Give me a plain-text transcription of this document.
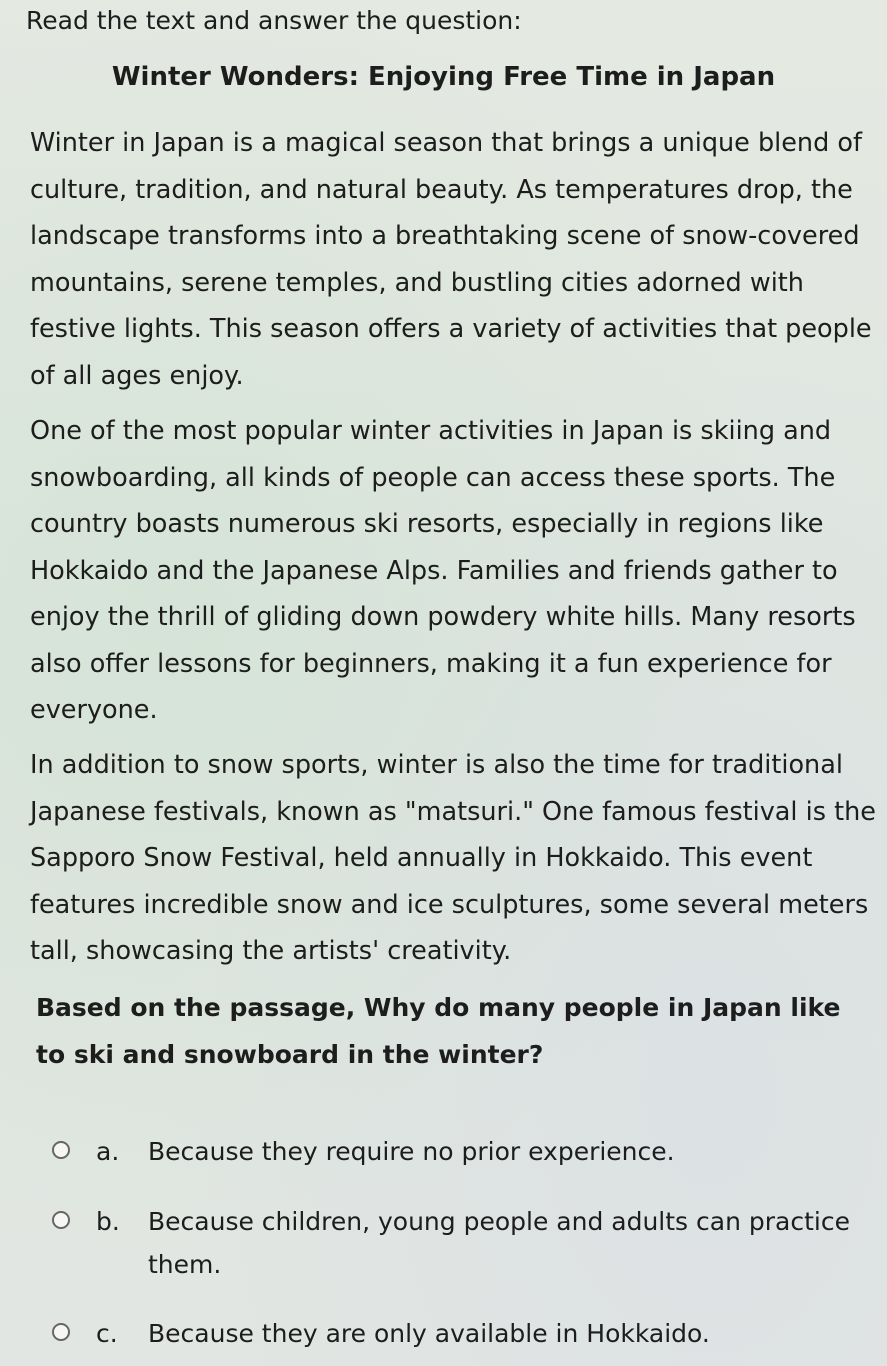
Read the text and answer the question:
Winter Wonders: Enjoying Free Time in Japan

Winter in Japan is a magical season that brings a unique blend of culture, tradition, and natural beauty. As temperatures drop, the landscape transforms into a breathtaking scene of snow-covered mountains, serene temples, and bustling cities adorned with festive lights. This season offers a variety of activities that people of all ages enjoy.

One of the most popular winter activities in Japan is skiing and snowboarding, all kinds of people can access these sports. The country boasts numerous ski resorts, especially in regions like Hokkaido and the Japanese Alps. Families and friends gather to enjoy the thrill of gliding down powdery white hills. Many resorts also offer lessons for beginners, making it a fun experience for everyone.

In addition to snow sports, winter is also the time for traditional Japanese festivals, known as "matsuri." One famous festival is the Sapporo Snow Festival, held annually in Hokkaido. This event features incredible snow and ice sculptures, some several meters tall, showcasing the artists' creativity.

Based on the passage, Why do many people in Japan like to ski and snowboard in the winter?

a.	Because they require no prior experience.
b.	Because children, young people and adults can practice them.
c.	Because they are only available in Hokkaido.
